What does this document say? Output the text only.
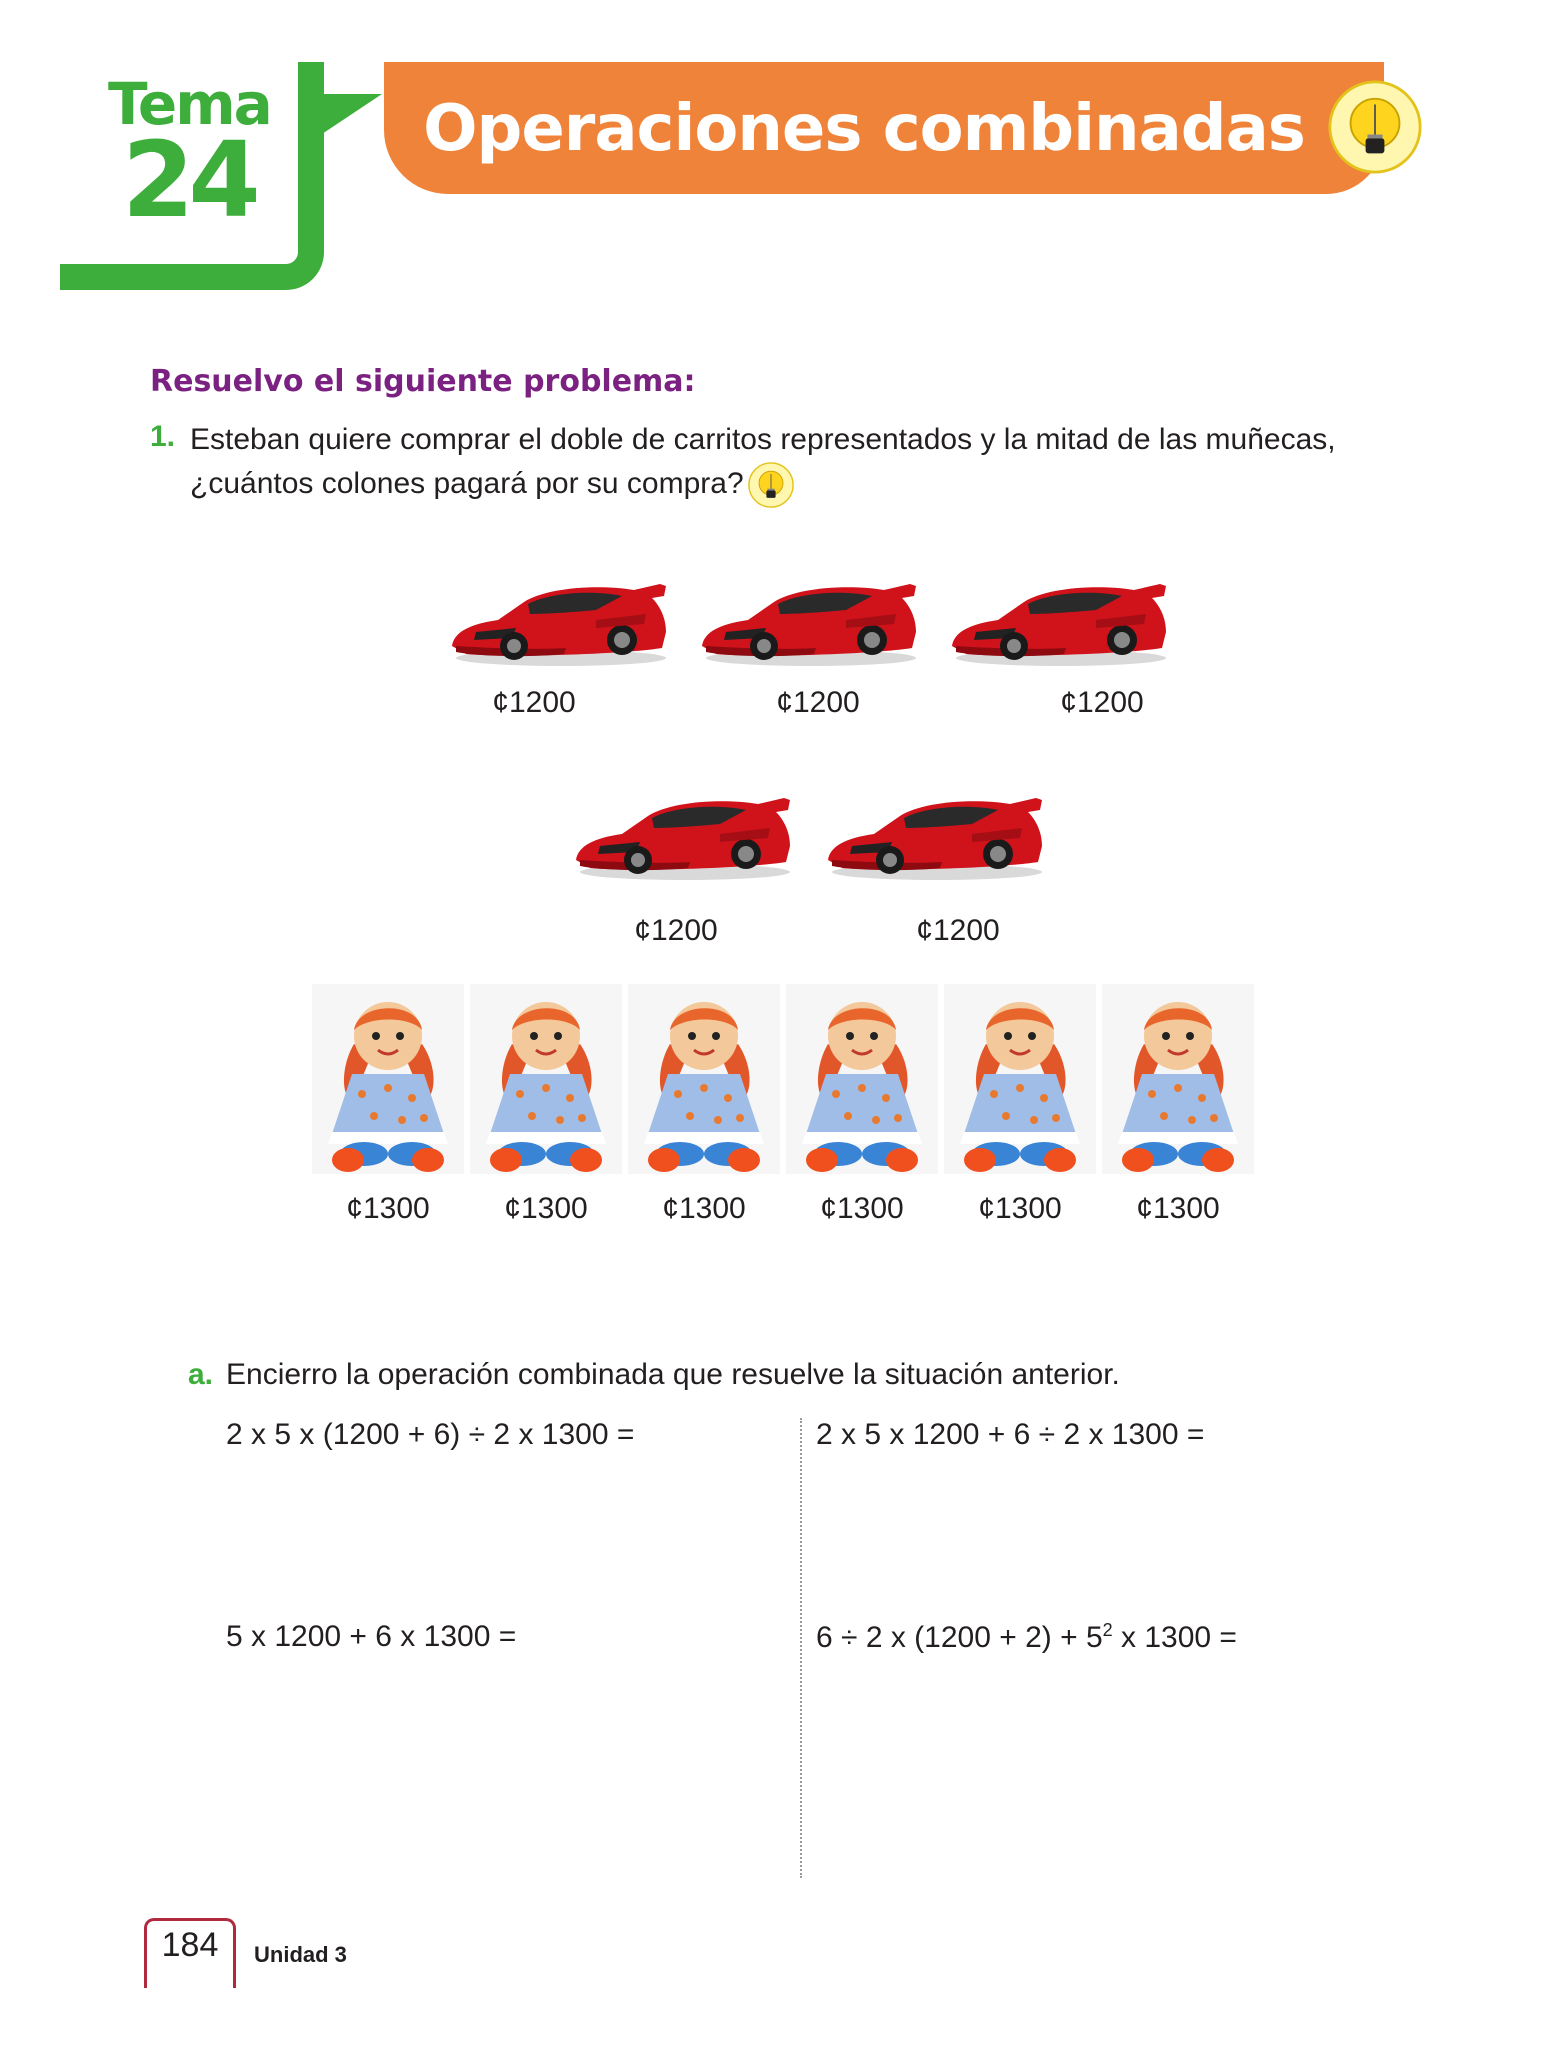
Operaciones combinadas
Tema
24
Resuelvo el siguiente problema:
1. Esteban quiere comprar el doble de carritos representados y la mitad de las muñecas, ¿cuántos colones pagará por su compra?
¢1200	¢1200	¢1200
¢1200	¢1200
¢1300	¢1300	¢1300	¢1300	¢1300	¢1300
a. Encierro la operación combinada que resuelve la situación anterior.
2 x 5 x (1200 + 6) ÷ 2 x 1300 =	2 x 5 x 1200 + 6 ÷ 2 x 1300 =
5 x 1200 + 6 x 1300 =	6 ÷ 2 x $(1200 + 2) + 5^2$ x 1300 =
184	Unidad 3
